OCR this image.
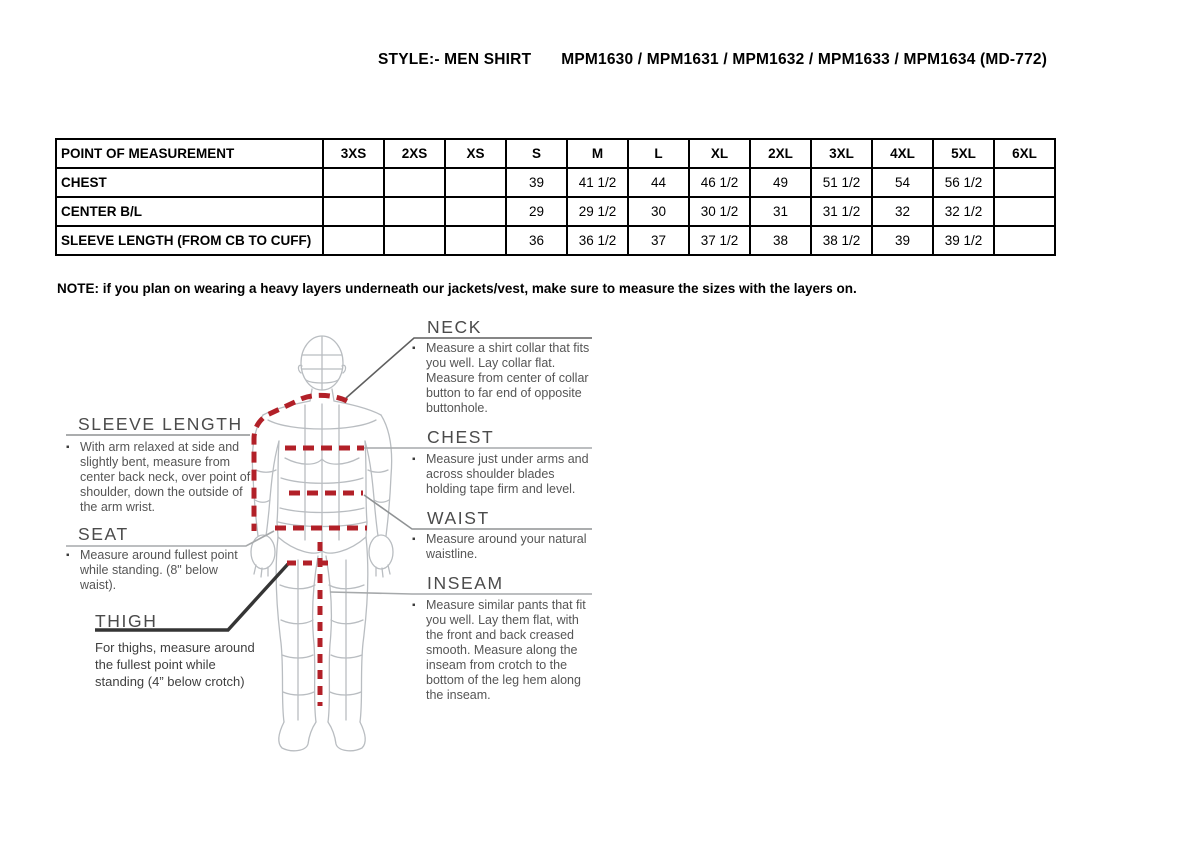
STYLE:- MEN SHIRT MPM1630 / MPM1631 / MPM1632 / MPM1633 / MPM1634 (MD-772)
POINT OF MEASUREMENT	3XS	2XS	XS	S	M	L	XL	2XL	3XL	4XL	5XL	6XL
CHEST				39	41 1/2	44	46 1/2	49	51 1/2	54	56 1/2	
CENTER B/L				29	29 1/2	30	30 1/2	31	31 1/2	32	32 1/2	
SLEEVE LENGTH (FROM CB TO CUFF)				36	36 1/2	37	37 1/2	38	38 1/2	39	39 1/2	
NOTE: if you plan on wearing a heavy layers underneath our jackets/vest, make sure to measure the sizes with the layers on.
NECK
▪ Measure a shirt collar that fits you well. Lay collar flat. Measure from center of collar button to far end of opposite buttonhole.
CHEST
▪ Measure just under arms and across shoulder blades holding tape firm and level.
WAIST
▪ Measure around your natural waistline.
INSEAM
▪ Measure similar pants that fit you well. Lay them flat, with the front and back creased smooth. Measure along the inseam from crotch to the bottom of the leg hem along the inseam.
SLEEVE LENGTH
▪ With arm relaxed at side and slightly bent, measure from center back neck, over point of shoulder, down the outside of the arm wrist.
SEAT
▪ Measure around fullest point while standing. (8" below waist).
THIGH
For thighs, measure around the fullest point while standing (4” below crotch)
